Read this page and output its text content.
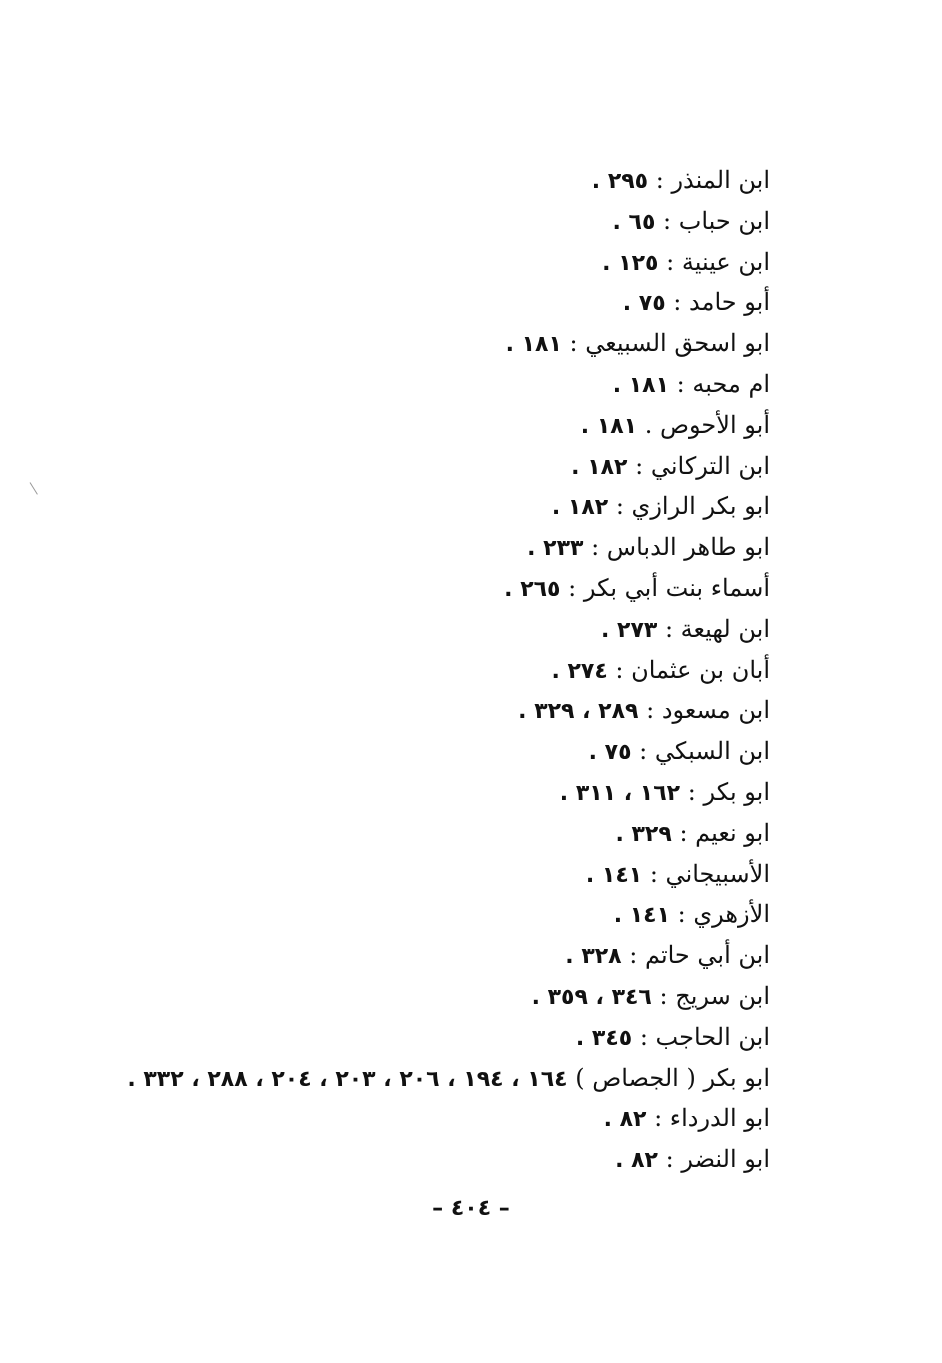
ابن المنذر : ٢٩٥ .
ابن حباب : ٦٥ .
ابن عينية : ١٢٥ .
أبو حامد : ٧٥ .
ابو اسحق السبيعي : ١٨١ .
ام محبه : ١٨١ .
أبو الأحوص . ١٨١ .
ابن التركاني : ١٨٢ .
ابو بكر الرازي : ١٨٢ .
ابو طاهر الدباس : ٢٣٣ .
أسماء بنت أبي بكر : ٢٦٥ .
ابن لهيعة : ٢٧٣ .
أبان بن عثمان : ٢٧٤ .
ابن مسعود : ٢٨٩ ، ٣٢٩ .
ابن السبكي : ٧٥ .
ابو بكر : ١٦٢ ، ٣١١ .
ابو نعيم : ٣٢٩ .
الأسبيجاني : ١٤١ .
الأزهري : ١٤١ .
ابن أبي حاتم : ٣٢٨ .
ابن سريج : ٣٤٦ ، ٣٥٩ .
ابن الحاجب : ٣٤٥ .
ابو بكر ( الجصاص ) ١٦٤ ، ١٩٤ ، ٢٠٦ ، ٢٠٣ ، ٢٠٤ ، ٢٨٨ ، ٣٣٢ .
ابو الدرداء : ٨٢ .
ابو النضر : ٨٢ .
– ٤٠٤ –
